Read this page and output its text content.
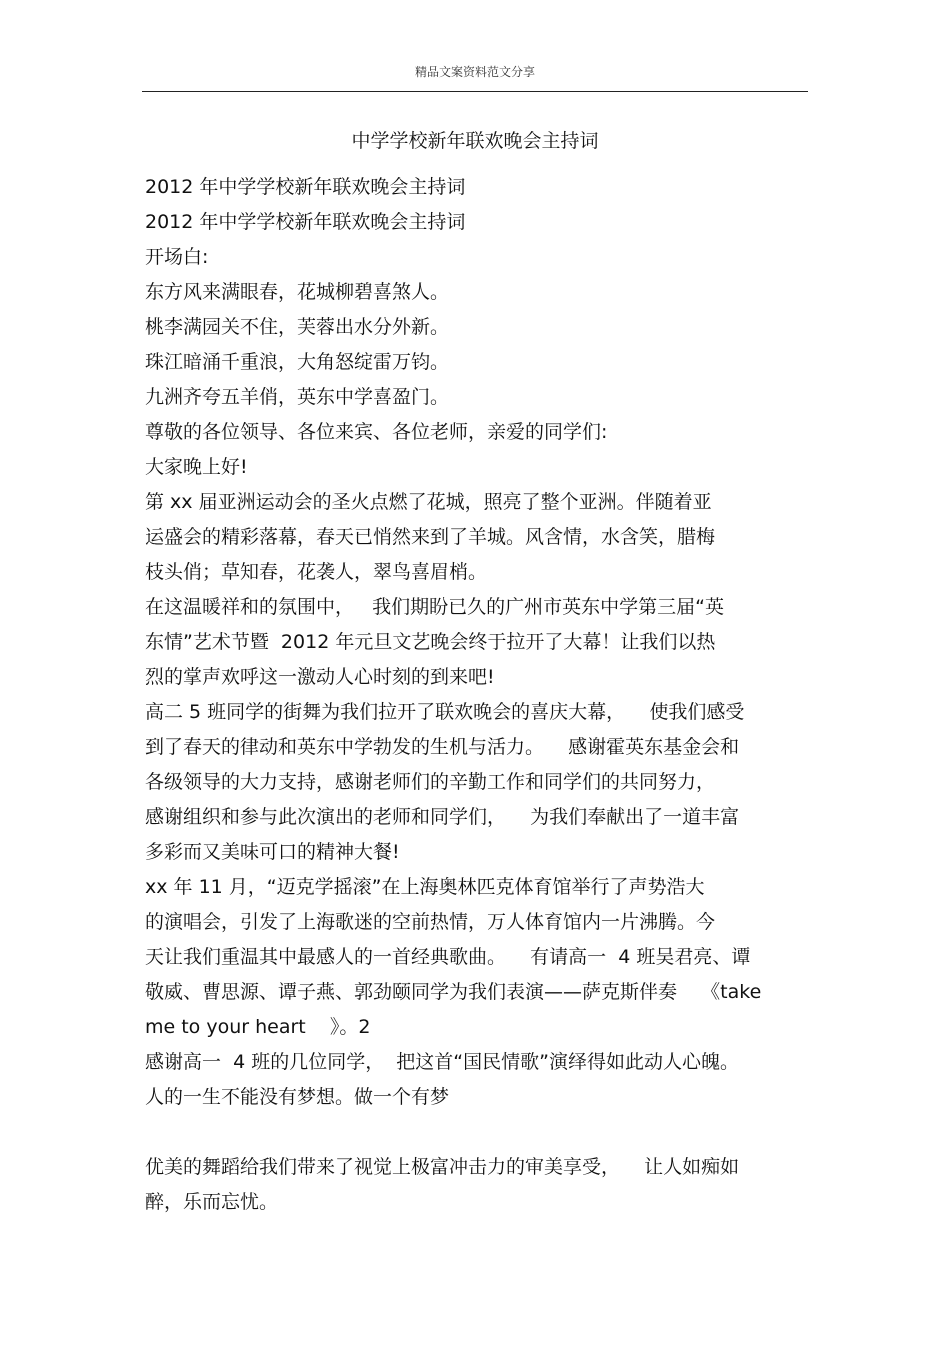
精品文案资料范文分享
中学学校新年联欢晚会主持词
2012 年中学学校新年联欢晚会主持词
2012 年中学学校新年联欢晚会主持词
开场白:
东方风来满眼春，花城柳碧喜煞人。
桃李满园关不住，芙蓉出水分外新。
珠江暗涌千重浪，大角怒绽雷万钧。
九洲齐夸五羊俏，英东中学喜盈门。
尊敬的各位领导、各位来宾、各位老师，亲爱的同学们:
大家晚上好!
第 xx 届亚洲运动会的圣火点燃了花城，照亮了整个亚洲。伴随着亚
运盛会的精彩落幕，春天已悄然来到了羊城。风含情，水含笑，腊梅
枝头俏；草知春，花袭人，翠鸟喜眉梢。
在这温暖祥和的氛围中，   我们期盼已久的广州市英东中学第三届“英
东情”艺术节暨  2012 年元旦文艺晚会终于拉开了大幕！让我们以热
烈的掌声欢呼这一激动人心时刻的到来吧!
高二 5 班同学的街舞为我们拉开了联欢晚会的喜庆大幕，    使我们感受
到了春天的律动和英东中学勃发的生机与活力。    感谢霍英东基金会和
各级领导的大力支持，感谢老师们的辛勤工作和同学们的共同努力，
感谢组织和参与此次演出的老师和同学们，    为我们奉献出了一道丰富
多彩而又美味可口的精神大餐!
xx 年 11 月，“迈克学摇滚”在上海奥林匹克体育馆举行了声势浩大
的演唱会，引发了上海歌迷的空前热情，万人体育馆内一片沸腾。今
天让我们重温其中最感人的一首经典歌曲。    有请高一  4 班吴君亮、谭
敬威、曹思源、谭子燕、郭劲颐同学为我们表演——萨克斯伴奏    《take
me to your heart    》。2
感谢高一  4 班的几位同学，  把这首“国民情歌”演绎得如此动人心魄。
人的一生不能没有梦想。做一个有梦
优美的舞蹈给我们带来了视觉上极富冲击力的审美享受，    让人如痴如
醉，乐而忘忧。
